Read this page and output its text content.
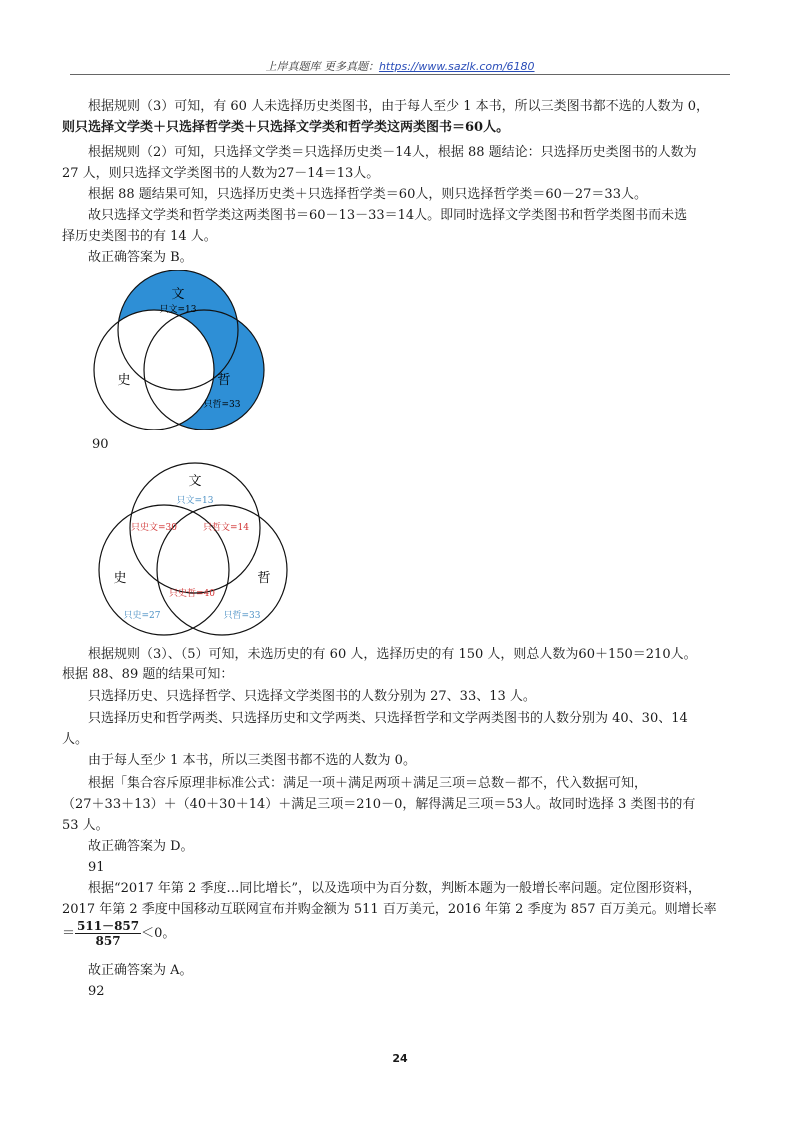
上岸真题库 更多真题：https://www.sazlk.com/6180
根据规则（3）可知，有 60 人未选择历史类图书，由于每人至少 1 本书，所以三类图书都不选的人数为 0，
则只选择文学类＋只选择哲学类＋只选择文学类和哲学类这两类图书＝60人。
根据规则（2）可知，只选择文学类＝只选择历史类－14人，根据 88 题结论：只选择历史类图书的人数为
27 人，则只选择文学类图书的人数为27－14＝13人。
根据 88 题结果可知，只选择历史类＋只选择哲学类＝60人，则只选择哲学类＝60－27＝33人。
故只选择文学类和哲学类这两类图书＝60－13－33＝14人。即同时选择文学类图书和哲学类图书而未选
择历史类图书的有 14 人。
故正确答案为 B。
文
只文=13
史	哲
只哲=33
90
文
只文=13
只史文=30	只哲文=14
只史哲=40
史	哲
只史=27	只哲=33
根据规则（3）、（5）可知，未选历史的有 60 人，选择历史的有 150 人，则总人数为60＋150＝210人。
根据 88、89 题的结果可知：
只选择历史、只选择哲学、只选择文学类图书的人数分别为 27、33、13 人。
只选择历史和哲学两类、只选择历史和文学两类、只选择哲学和文学两类图书的人数分别为 40、30、14
人。
由于每人至少 1 本书，所以三类图书都不选的人数为 0。
根据「集合容斥原理非标准公式：满足一项＋满足两项＋满足三项＝总数－都不，代入数据可知，
（27＋33＋13）＋（40＋30＋14）＋满足三项＝210－0，解得满足三项＝53人。故同时选择 3 类图书的有
53 人。
故正确答案为 D。
91
根据“2017 年第 2 季度…同比增长”，以及选项中为百分数，判断本题为一般增长率问题。定位图形资料，
2017 年第 2 季度中国移动互联网宣布并购金额为 511 百万美元，2016 年第 2 季度为 857 百万美元。则增长率
＝ $\frac{511-857}{857} <0$。
故正确答案为 A。
92
24
